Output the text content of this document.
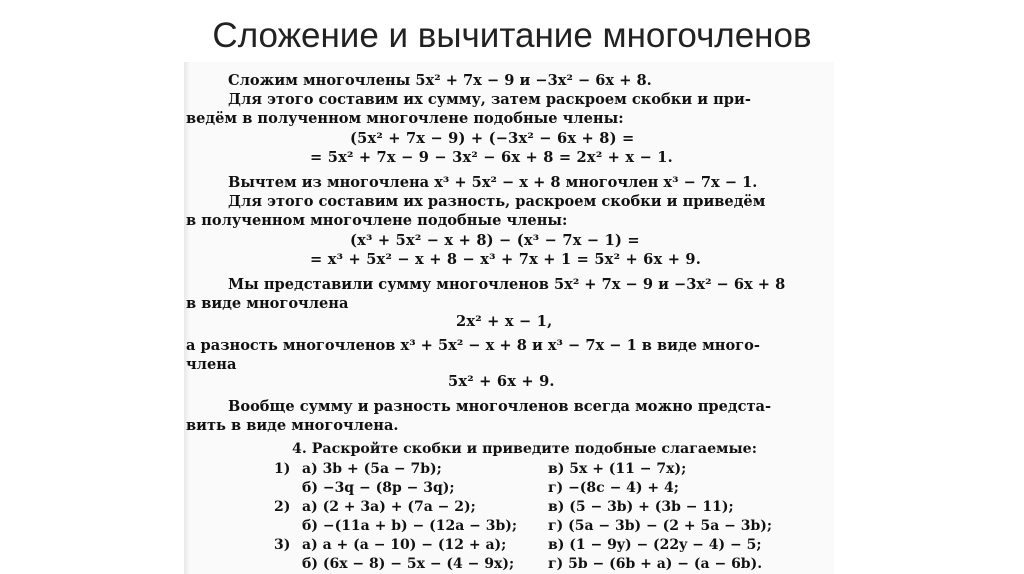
Сложение и вычитание многочленов
Сложим многочлены 5x² + 7x − 9 и −3x² − 6x + 8.
Для этого составим их сумму, затем раскроем скобки и при-
ведём в полученном многочлене подобные члены:
(5x² + 7x − 9) + (−3x² − 6x + 8) =
= 5x² + 7x − 9 − 3x² − 6x + 8 = 2x² + x − 1.
Вычтем из многочлена x³ + 5x² − x + 8 многочлен x³ − 7x − 1.
Для этого составим их разность, раскроем скобки и приведём
в полученном многочлене подобные члены:
(x³ + 5x² − x + 8) − (x³ − 7x − 1) =
= x³ + 5x² − x + 8 − x³ + 7x + 1 = 5x² + 6x + 9.
Мы представили сумму многочленов 5x² + 7x − 9 и −3x² − 6x + 8
в виде многочлена
2x² + x − 1,
а разность многочленов x³ + 5x² − x + 8 и x³ − 7x − 1 в виде много-
члена
5x² + 6x + 9.
Вообще сумму и разность многочленов всегда можно предста-
вить в виде многочлена.
4. Раскройте скобки и приведите подобные слагаемые:
1) а) 3b + (5a − 7b);	в) 5x + (11 − 7x);
б) −3q − (8p − 3q);	г) −(8c − 4) + 4;
2) а) (2 + 3a) + (7a − 2);	в) (5 − 3b) + (3b − 11);
б) −(11a + b) − (12a − 3b); г) (5a − 3b) − (2 + 5a − 3b);
3) а) a + (a − 10) − (12 + a);	в) (1 − 9y) − (22y − 4) − 5;
б) (6x − 8) − 5x − (4 − 9x); г) 5b − (6b + a) − (a − 6b).
